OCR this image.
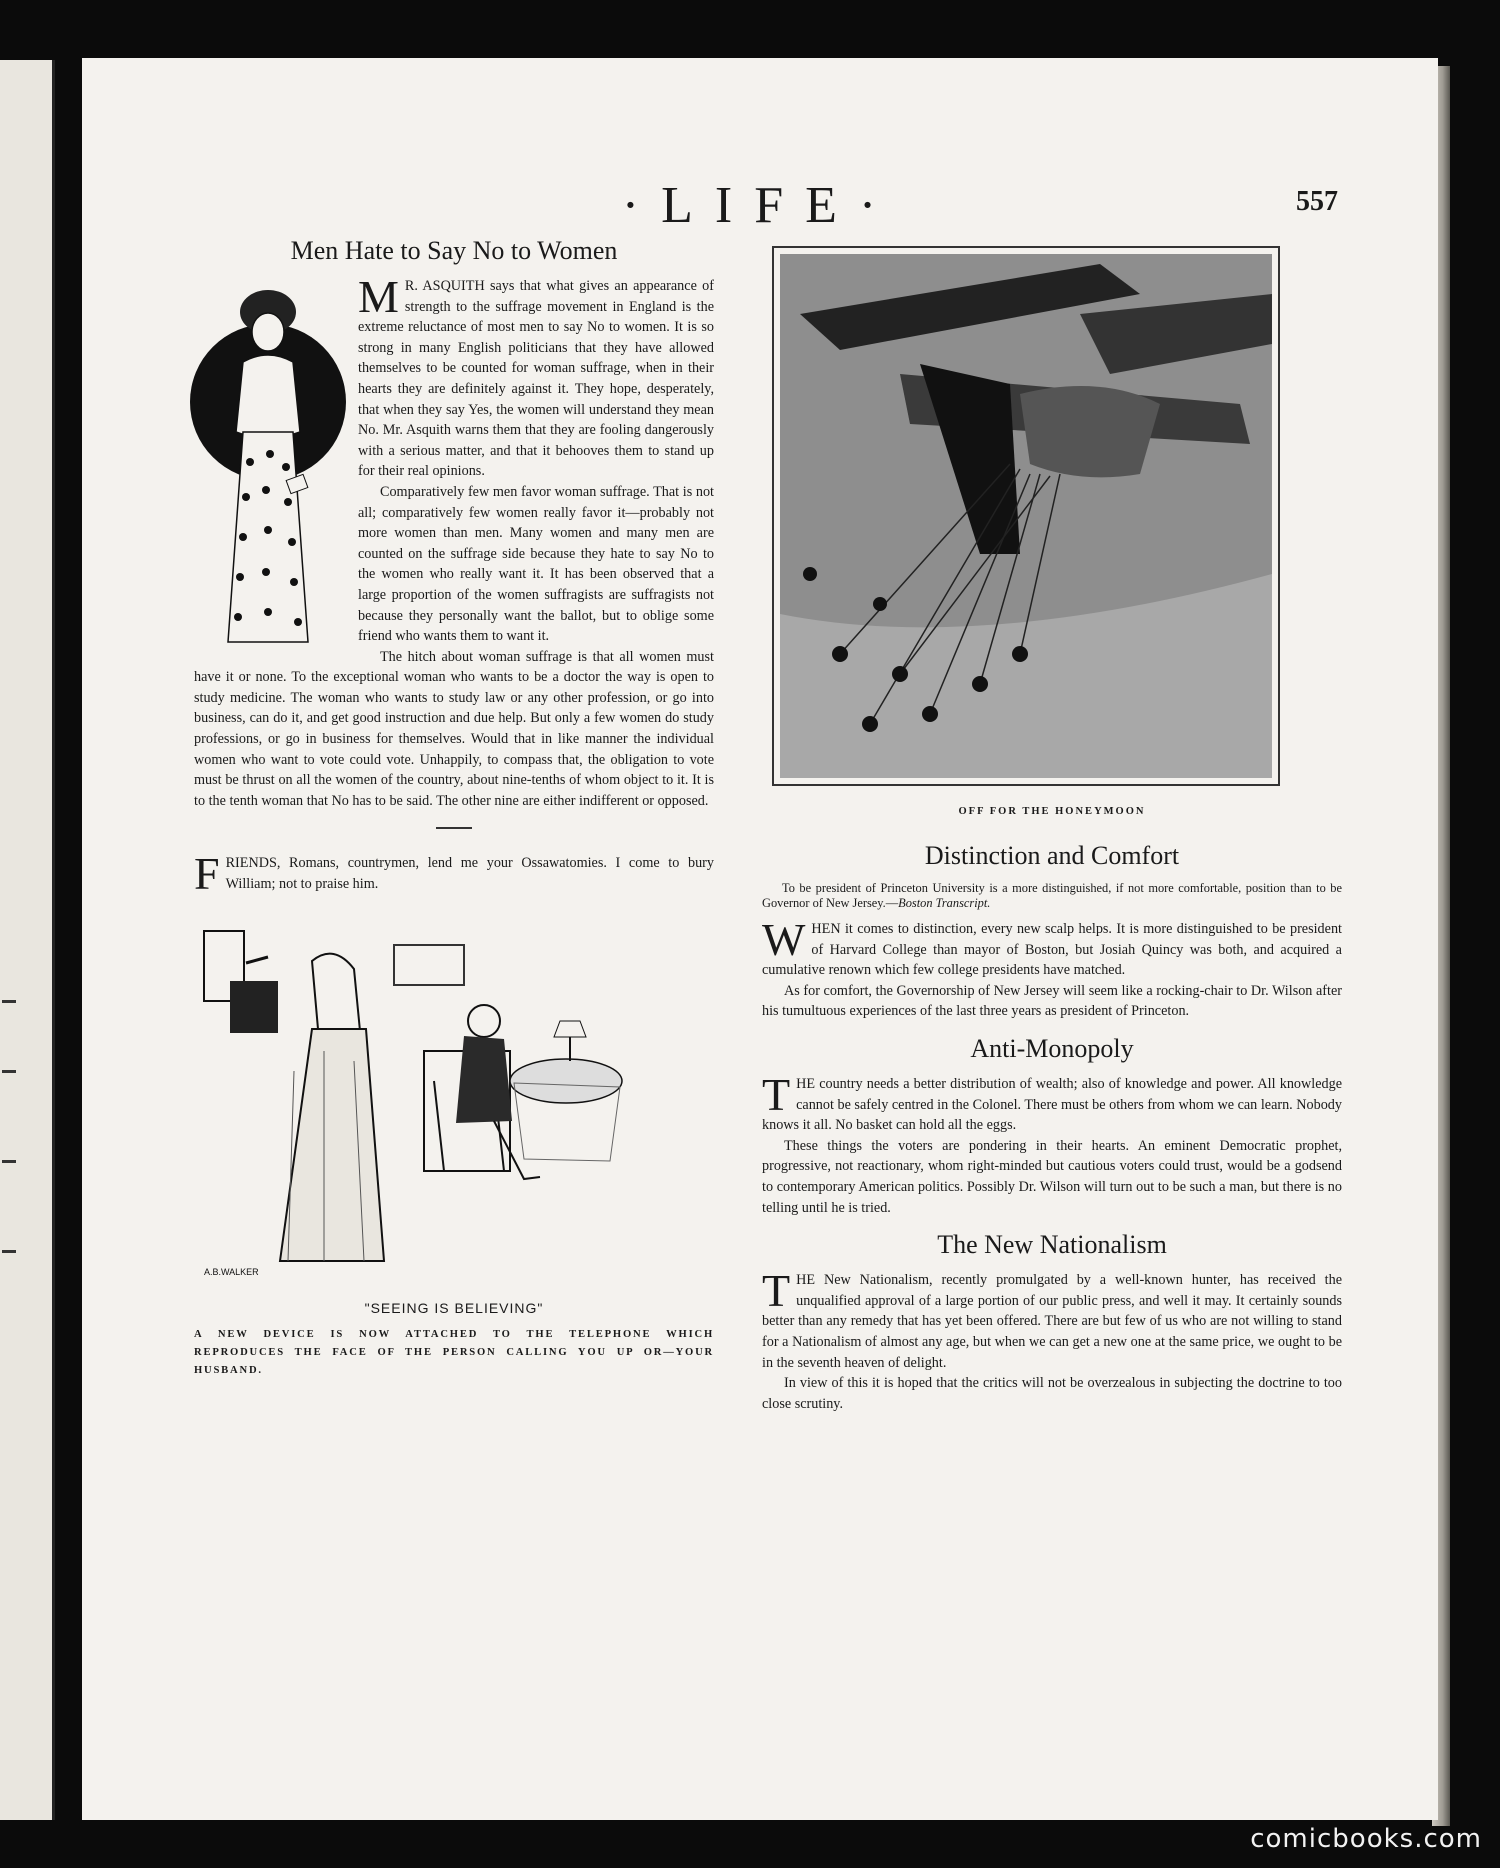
·LIFE·	557
Men Hate to Say No to Women

M R. ASQUITH says that what gives an appearance of strength to the suffrage movement in England is the extreme reluctance of most men to say No to women. It is so strong in many English politicians that they have allowed themselves to be counted for woman suffrage, when in their hearts they are definitely against it. They hope, desperately, that when they say Yes, the women will understand they mean No. Mr. Asquith warns them that they are fooling dangerously with a serious matter, and that it behooves them to stand up for their real opinions.

Comparatively few men favor woman suffrage. That is not all; comparatively few women really favor it—probably not more women than men. Many women and many men are counted on the suffrage side because they hate to say No to the women who really want it. It has been observed that a large proportion of the women suffragists are suffragists not because they personally want the ballot, but to oblige some friend who wants them to want it.

The hitch about woman suffrage is that all women must have it or none. To the exceptional woman who wants to be a doctor the way is open to study medicine. The woman who wants to study law or any other profession, or go into business, can do it, and get good instruction and due help. But only a few women do study professions, or go in business for themselves. Would that in like manner the individual women who want to vote could vote. Unhappily, to compass that, the obligation to vote must be thrust on all the women of the country, about nine-tenths of whom object to it. It is to the tenth woman that No has to be said. The other nine are either indifferent or opposed.

FRIENDS, Romans, countrymen, lend me your Ossawatomies. I come to bury William; not to praise him.

A.B.WALKER
"SEEING IS BELIEVING"
A NEW DEVICE IS NOW ATTACHED TO THE TELEPHONE WHICH REPRODUCES THE FACE OF THE PERSON CALLING YOU UP OR—YOUR HUSBAND.
OFF FOR THE HONEYMOON
Distinction and Comfort

To be president of Princeton University is a more distinguished, if not more comfortable, position than to be Governor of New Jersey.—Boston Transcript.

WHEN it comes to distinction, every new scalp helps. It is more distinguished to be president of Harvard College than mayor of Boston, but Josiah Quincy was both, and acquired a cumulative renown which few college presidents have matched.

As for comfort, the Governorship of New Jersey will seem like a rocking-chair to Dr. Wilson after his tumultuous experiences of the last three years as president of Princeton.

Anti-Monopoly

THE country needs a better distribution of wealth; also of knowledge and power. All knowledge cannot be safely centred in the Colonel. There must be others from whom we can learn. Nobody knows it all. No basket can hold all the eggs.

These things the voters are pondering in their hearts. An eminent Democratic prophet, progressive, not reactionary, whom right-minded but cautious voters could trust, would be a godsend to contemporary American politics. Possibly Dr. Wilson will turn out to be such a man, but there is no telling until he is tried.

The New Nationalism

THE New Nationalism, recently promulgated by a well-known hunter, has received the unqualified approval of a large portion of our public press, and well it may. It certainly sounds better than any remedy that has yet been offered. There are but few of us who are not willing to stand for a Nationalism of almost any age, but when we can get a new one at the same price, we ought to be in the seventh heaven of delight.

In view of this it is hoped that the critics will not be overzealous in subjecting the doctrine to too close scrutiny.

comicbooks.com
